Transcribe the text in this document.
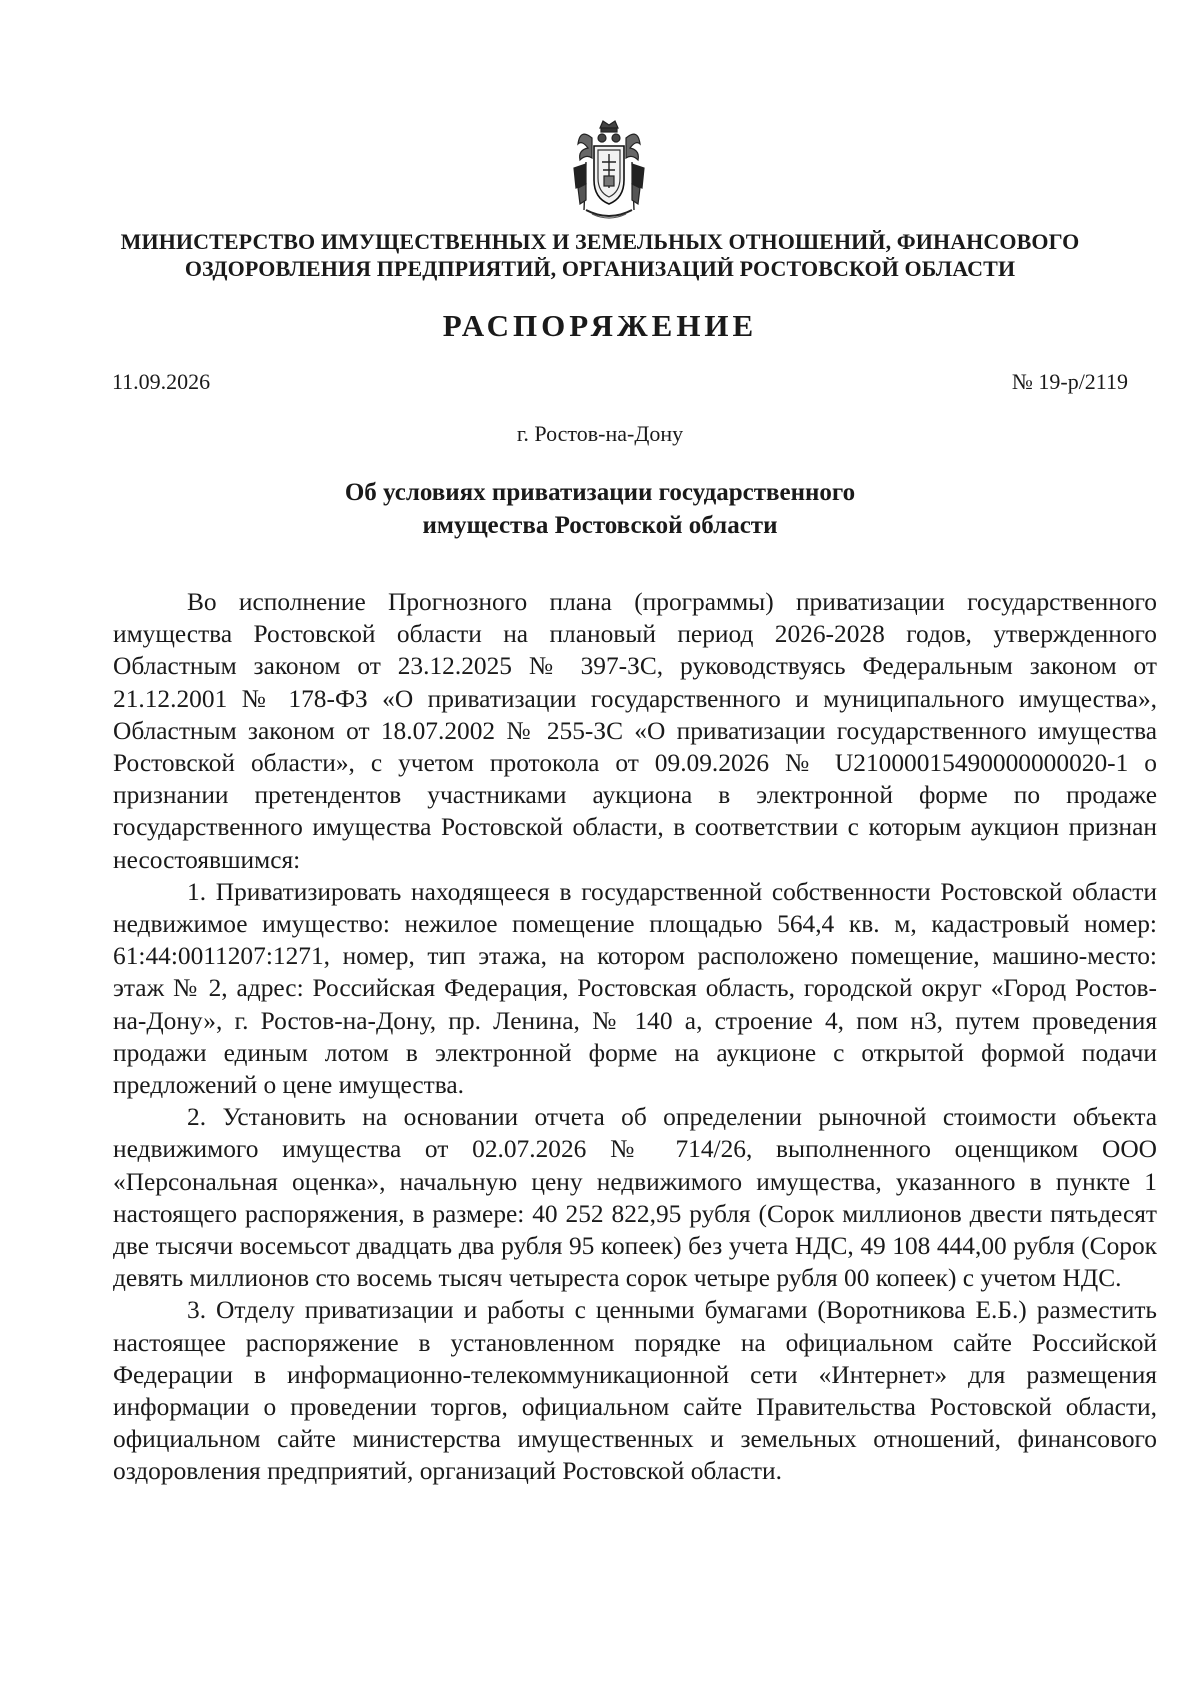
МИНИСТЕРСТВО ИМУЩЕСТВЕННЫХ И ЗЕМЕЛЬНЫХ ОТНОШЕНИЙ, ФИНАНСОВОГО
ОЗДОРОВЛЕНИЯ ПРЕДПРИЯТИЙ, ОРГАНИЗАЦИЙ РОСТОВСКОЙ ОБЛАСТИ
РАСПОРЯЖЕНИЕ
11.09.2026	№ 19-р/2119
г. Ростов-на-Дону
Об условиях приватизации государственного
имущества Ростовской области

Во исполнение Прогнозного плана (программы) приватизации государственного имущества Ростовской области на плановый период 2026-2028 годов, утвержденного Областным законом от 23.12.2025 № 397-ЗС, руководствуясь Федеральным законом от 21.12.2001 № 178-ФЗ «О приватизации государственного и муниципального имущества», Областным законом от 18.07.2002 № 255-ЗС «О приватизации государственного имущества Ростовской области», с учетом протокола от 09.09.2026 № U21000015490000000020-1 о признании претендентов участниками аукциона в электронной форме по продаже государственного имущества Ростовской области, в соответствии с которым аукцион признан несостоявшимся:

1. Приватизировать находящееся в государственной собственности Ростовской области недвижимое имущество: нежилое помещение площадью 564,4 кв. м, кадастровый номер: 61:44:0011207:1271, номер, тип этажа, на котором расположено помещение, машино-место: этаж № 2, адрес: Российская Федерация, Ростовская область, городской округ «Город Ростов-на-Дону», г. Ростов-на-Дону, пр. Ленина, № 140 а, строение 4, пом н3, путем проведения продажи единым лотом в электронной форме на аукционе с открытой формой подачи предложений о цене имущества.

2. Установить на основании отчета об определении рыночной стоимости объекта недвижимого имущества от 02.07.2026 № 714/26, выполненного оценщиком ООО «Персональная оценка», начальную цену недвижимого имущества, указанного в пункте 1 настоящего распоряжения, в размере: 40 252 822,95 рубля (Сорок миллионов двести пятьдесят две тысячи восемьсот двадцать два рубля 95 копеек) без учета НДС, 49 108 444,00 рубля (Сорок девять миллионов сто восемь тысяч четыреста сорок четыре рубля 00 копеек) с учетом НДС.

3. Отделу приватизации и работы с ценными бумагами (Воротникова Е.Б.) разместить настоящее распоряжение в установленном порядке на официальном сайте Российской Федерации в информационно-телекоммуникационной сети «Интернет» для размещения информации о проведении торгов, официальном сайте Правительства Ростовской области, официальном сайте министерства имущественных и земельных отношений, финансового оздоровления предприятий, организаций Ростовской области.
